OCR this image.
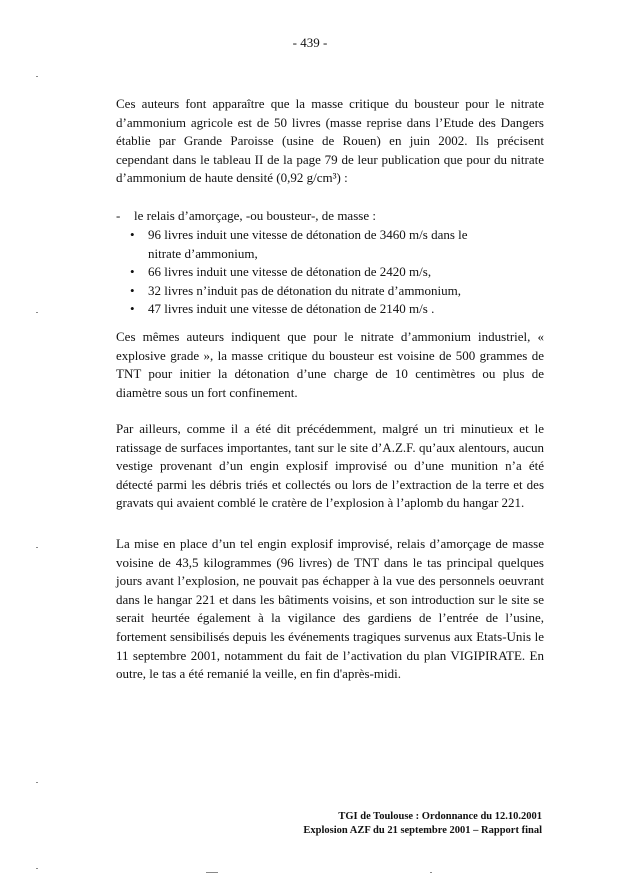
- 439 -

Ces auteurs font apparaître que la masse critique du bousteur pour le nitrate d’ammonium agricole est de 50 livres (masse reprise dans l’Etude des Dangers établie par Grande Paroisse (usine de Rouen) en juin 2002. Ils précisent cependant dans le tableau II de la page 79 de leur publication que pour du nitrate d’ammonium de haute densité (0,92 g/cm³) :

- le relais d’amorçage, -ou bousteur-, de masse :
• 96 livres induit une vitesse de détonation de 3460 m/s dans le nitrate d’ammonium,
• 66 livres induit une vitesse de détonation de 2420 m/s,
• 32 livres n’induit pas de détonation du nitrate d’ammonium,
• 47 livres induit une vitesse de détonation de 2140 m/s .

Ces mêmes auteurs indiquent que pour le nitrate d’ammonium industriel, « explosive grade », la masse critique du bousteur est voisine de 500 grammes de TNT pour initier la détonation d’une charge de 10 centimètres ou plus de diamètre sous un fort confinement.

Par ailleurs, comme il a été dit précédemment, malgré un tri minutieux et le ratissage de surfaces importantes, tant sur le site d’A.Z.F. qu’aux alentours, aucun vestige provenant d’un engin explosif improvisé ou d’une munition n’a été détecté parmi les débris triés et collectés ou lors de l’extraction de la terre et des gravats qui avaient comblé le cratère de l’explosion à l’aplomb du hangar 221.

La mise en place d’un tel engin explosif improvisé, relais d’amorçage de masse voisine de 43,5 kilogrammes (96 livres) de TNT dans le tas principal quelques jours avant l’explosion, ne pouvait pas échapper à la vue des personnels oeuvrant dans le hangar 221 et dans les bâtiments voisins, et son introduction sur le site se serait heurtée également à la vigilance des gardiens de l’entrée de l’usine, fortement sensibilisés depuis les événements tragiques survenus aux Etats-Unis le 11 septembre 2001, notamment du fait de l’activation du plan VIGIPIRATE. En outre, le tas a été remanié la veille, en fin d'après-midi.

TGI de Toulouse : Ordonnance du 12.10.2001
Explosion AZF du 21 septembre 2001 – Rapport final
